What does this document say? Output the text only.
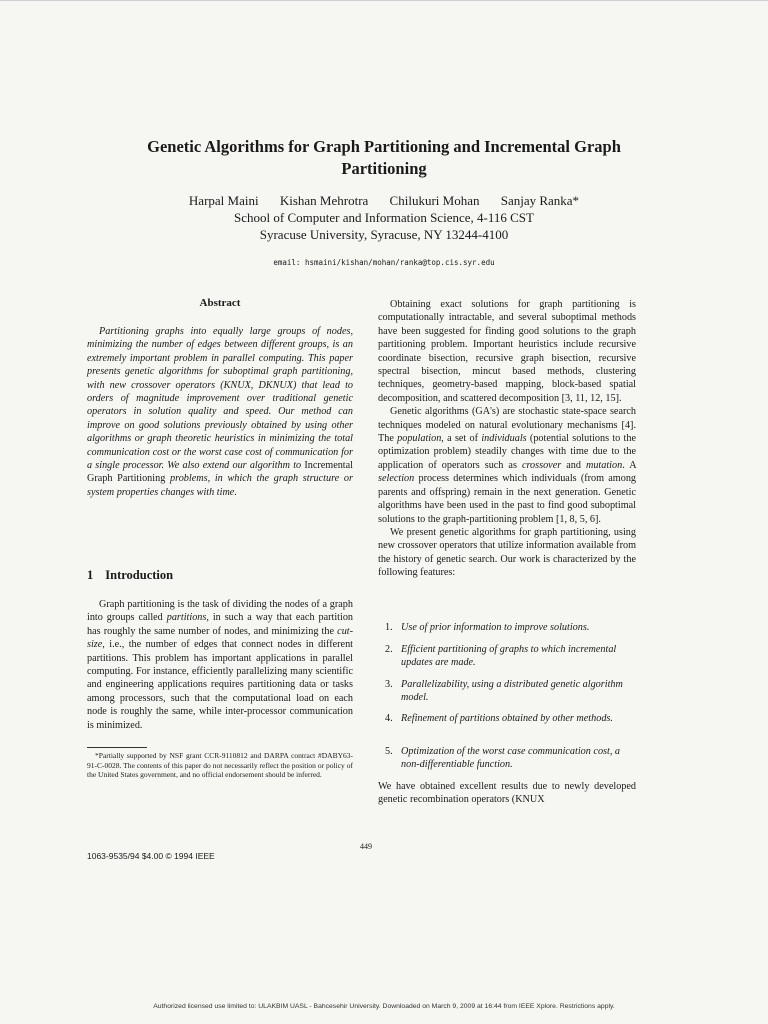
Genetic Algorithms for Graph Partitioning and Incremental Graph
Partitioning
Harpal Maini Kishan Mehrotra Chilukuri Mohan Sanjay Ranka*
School of Computer and Information Science, 4-116 CST
Syracuse University, Syracuse, NY 13244-4100
email: hsmaini/kishan/mohan/ranka@top.cis.syr.edu
Abstract
Partitioning graphs into equally large groups of nodes, minimizing the number of edges between different groups, is an extremely important problem in parallel computing. This paper presents genetic algorithms for suboptimal graph partitioning, with new crossover operators (KNUX, DKNUX) that lead to orders of magnitude improvement over traditional genetic operators in solution quality and speed. Our method can improve on good solutions previously obtained by using other algorithms or graph theoretic heuristics in minimizing the total communication cost or the worst case cost of communication for a single processor. We also extend our algorithm to Incremental Graph Partitioning problems, in which the graph structure or system properties changes with time.
1 Introduction
Graph partitioning is the task of dividing the nodes of a graph into groups called partitions, in such a way that each partition has roughly the same number of nodes, and minimizing the cut-size, i.e., the number of edges that connect nodes in different partitions. This problem has important applications in parallel computing. For instance, efficiently parallelizing many scientific and engineering applications requires partitioning data or tasks among processors, such that the computational load on each node is roughly the same, while inter-processor communication is minimized.
*Partially supported by NSF grant CCR-9110812 and DARPA contract #DABY63-91-C-0028. The contents of this paper do not necessarily reflect the position or policy of the United States government, and no official endorsement should be inferred.

Obtaining exact solutions for graph partitioning is computationally intractable, and several suboptimal methods have been suggested for finding good solutions to the graph partitioning problem. Important heuristics include recursive coordinate bisection, recursive graph bisection, recursive spectral bisection, mincut based methods, clustering techniques, geometry-based mapping, block-based spatial decomposition, and scattered decomposition [3, 11, 12, 15].

Genetic algorithms (GA's) are stochastic state-space search techniques modeled on natural evolutionary mechanisms [4]. The population, a set of individuals (potential solutions to the optimization problem) steadily changes with time due to the application of operators such as crossover and mutation. A selection process determines which individuals (from among parents and offspring) remain in the next generation. Genetic algorithms have been used in the past to find good suboptimal solutions to the graph-partitioning problem [1, 8, 5, 6].

We present genetic algorithms for graph partitioning, using new crossover operators that utilize information available from the history of genetic search. Our work is characterized by the following features:

1. Use of prior information to improve solutions.
2. Efficient partitioning of graphs to which incremental updates are made.
3. Parallelizability, using a distributed genetic algorithm model.
4. Refinement of partitions obtained by other methods.
5. Optimization of the worst case communication cost, a non-differentiable function.
We have obtained excellent results due to newly developed genetic recombination operators (KNUX
449
1063-9535/94 $4.00 © 1994 IEEE
Authorized licensed use limited to: ULAKBIM UASL - Bahcesehir University. Downloaded on March 9, 2009 at 16:44 from IEEE Xplore. Restrictions apply.
